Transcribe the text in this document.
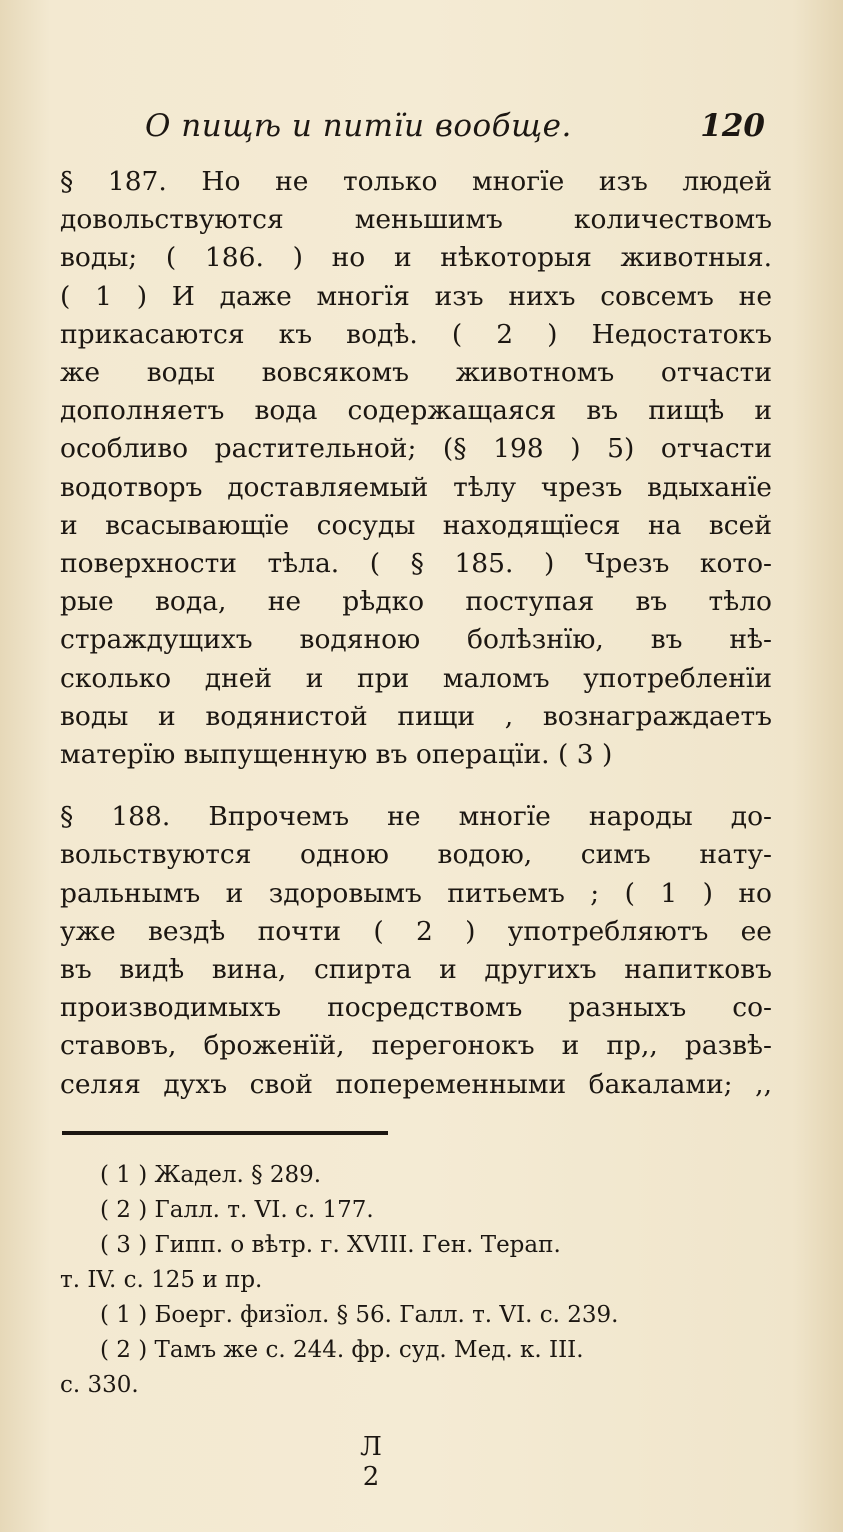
О пищѣ и питїи вообще.	120

§ 187. Но не только многїе изъ людей
довольствуются меньшимъ количествомъ
воды; ( 186. ) но и нѣкоторыя животныя.
( 1 ) И даже многїя изъ нихъ совсемъ не
прикасаются къ водѣ. ( 2 ) Недостатокъ
же воды вовсякомъ животномъ отчасти
дополняетъ вода содержащаяся въ пищѣ и
особливо растительной; (§ 198 ) 5) отчасти
водотворъ доставляемый тѣлу чрезъ вдыханїе
и всасывающїе сосуды находящїеся на всей
поверхности тѣла. ( § 185. ) Чрезъ кото-
рые вода, не рѣдко поступая въ тѣло
страждущихъ водяною болѣзнїю, въ нѣ-
сколько дней и при маломъ употребленїи
воды и водянистой пищи , вознаграждаетъ
матерїю выпущенную въ операцїи. ( 3 )

§ 188. Впрочемъ не многїе народы до-
вольствуются одною водою, симъ нату-
ральнымъ и здоровымъ питьемъ ; ( 1 ) но
уже вездѣ почти ( 2 ) употребляютъ ее
въ видѣ вина, спирта и другихъ напитковъ
производимыхъ посредствомъ разныхъ со-
ставовъ, броженїй, перегонокъ и пр,, развѣ-
селяя духъ свой попеременными бакалами; ,,

( 1 ) Жадел. § 289.

( 2 ) Галл. т. VI. с. 177.

( 3 ) Гипп. о вѣтр. г. XVIII. Ген. Терап.

т. IV. с. 125 и пр.

( 1 ) Боерг. физїол. § 56. Галл. т. VI. с. 239.

( 2 ) Тамъ же с. 244. фр. суд. Мед. к. III.

с. 330.

Л 2
